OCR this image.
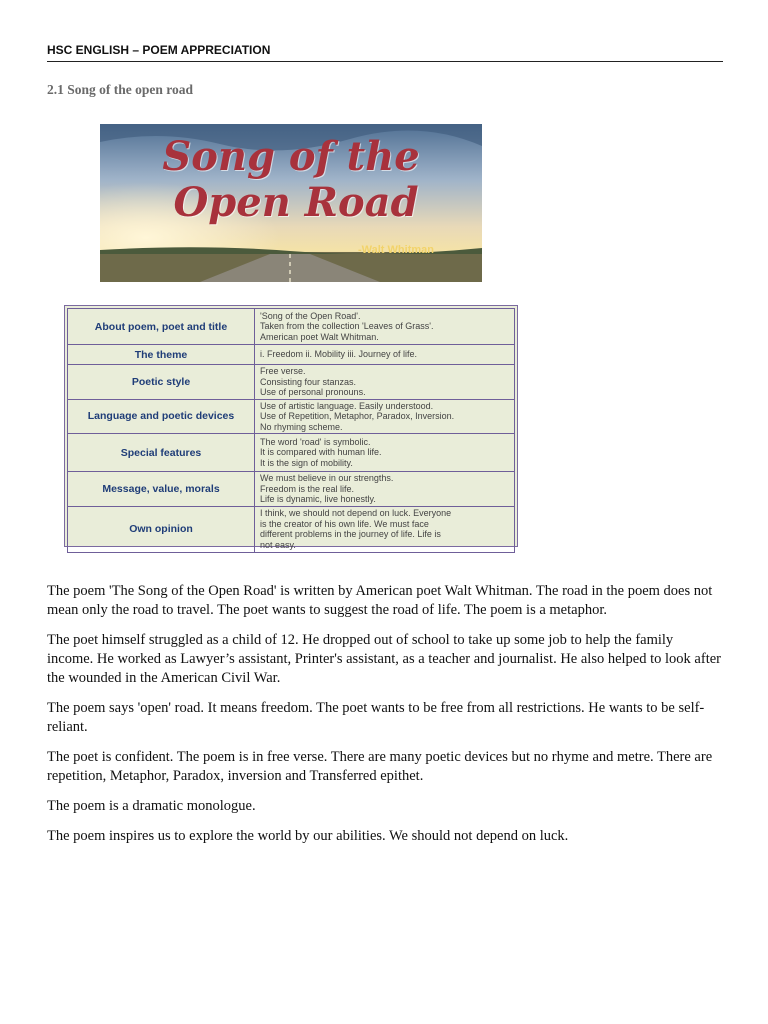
HSC ENGLISH – POEM APPRECIATION
2.1 Song of the open road
Song of the
Open Road
-Walt Whitman
About poem, poet and title	'Song of the Open Road'.
Taken from the collection 'Leaves of Grass'.
American poet Walt Whitman.

The theme	i. Freedom ii. Mobility iii. Journey of life.

Poetic style	Free verse.
Consisting four stanzas.
Use of personal pronouns.

Language and poetic devices	Use of artistic language. Easily understood.
Use of Repetition, Metaphor, Paradox, Inversion.
No rhyming scheme.

Special features	The word 'road' is symbolic.
It is compared with human life.
It is the sign of mobility.

Message, value, morals	We must believe in our strengths.
Freedom is the real life.
Life is dynamic, live honestly.

Own opinion	I think, we should not depend on luck. Everyone
is the creator of his own life. We must face
different problems in the journey of life. Life is
not easy.

The poem 'The Song of the Open Road' is written by American poet Walt Whitman. The road in the poem does not mean only the road to travel. The poet wants to suggest the road of life. The poem is a metaphor.

The poet himself struggled as a child of 12. He dropped out of school to take up some job to help the family income. He worked as Lawyer’s assistant, Printer's assistant, as a teacher and journalist. He also helped to look after the wounded in the American Civil War.

The poem says 'open' road. It means freedom. The poet wants to be free from all restrictions. He wants to be self- reliant.

The poet is confident. The poem is in free verse. There are many poetic devices but no rhyme and metre. There are repetition, Metaphor, Paradox, inversion and Transferred epithet.

The poem is a dramatic monologue.

The poem inspires us to explore the world by our abilities. We should not depend on luck.
